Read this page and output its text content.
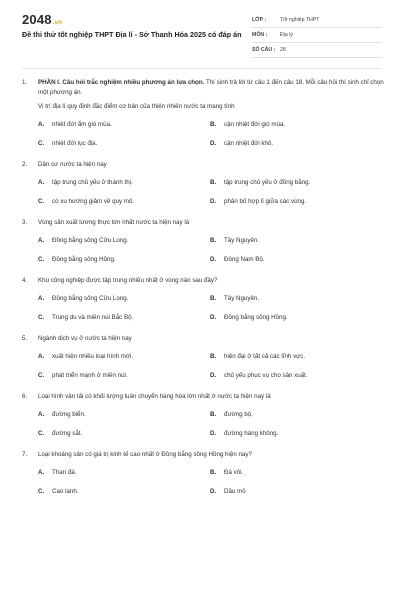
2048.vn
Đề thi thử tốt nghiệp THPT Địa lí - Sở Thanh Hóa 2025 có đáp án
LỚP :	Tốt nghiệp THPT
MÔN :	Địa lý
SỐ CÂU : 28
1.	PHẦN I. Câu hỏi trắc nghiệm nhiều phương án lựa chọn. Thí sinh trả lời từ câu 1 đến câu 18. Mỗi câu hỏi thí sinh chỉ chọn một phương án.
Vị trí địa lí quy định đặc điểm cơ bản của thiên nhiên nước ta mang tính
A.	nhiệt đới ẩm gió mùa.	B.	cận nhiệt đới gió mùa.
C.	nhiệt đới lục địa.	D.	cận nhiệt đới khô.
2.	Dân cư nước ta hiện nay
A.	tập trung chủ yếu ở thành thị.	B.	tập trung chủ yếu ở đồng bằng.
C.	có xu hướng giảm về quy mô.	D.	phân bố hợp lí giữa các vùng.
3.	Vùng sản xuất lương thực lớn nhất nước ta hiện nay là
A.	Đồng bằng sông Cửu Long.	B.	Tây Nguyên.
C.	Đồng bằng sông Hồng.	D.	Đông Nam Bộ.
4.	Khu công nghiệp được tập trung nhiều nhất ở vùng nào sau đây?
A.	Đồng bằng sông Cửu Long.	B.	Tây Nguyên.
C.	Trung du và miền núi Bắc Bộ.	D.	Đồng bằng sông Hồng.
5.	Ngành dịch vụ ở nước ta hiện nay
A.	xuất hiện nhiều loại hình mới.	B.	hiện đại ở tất cả các lĩnh vực.
C.	phát triển mạnh ở miền núi.	D.	chủ yếu phục vụ cho sản xuất.
6.	Loại hình vận tải có khối lượng luân chuyển hàng hóa lớn nhất ở nước ta hiện nay là
A.	đường biển.	B.	đường bộ.
C.	đường sắt.	D.	đường hàng không.
7.	Loại khoáng sản có giá trị kinh tế cao nhất ở Đồng bằng sông Hồng hiện nay?
A.	Than đá.	B.	Đá vôi.
C.	Cao lanh.	D.	Dầu mỏ
